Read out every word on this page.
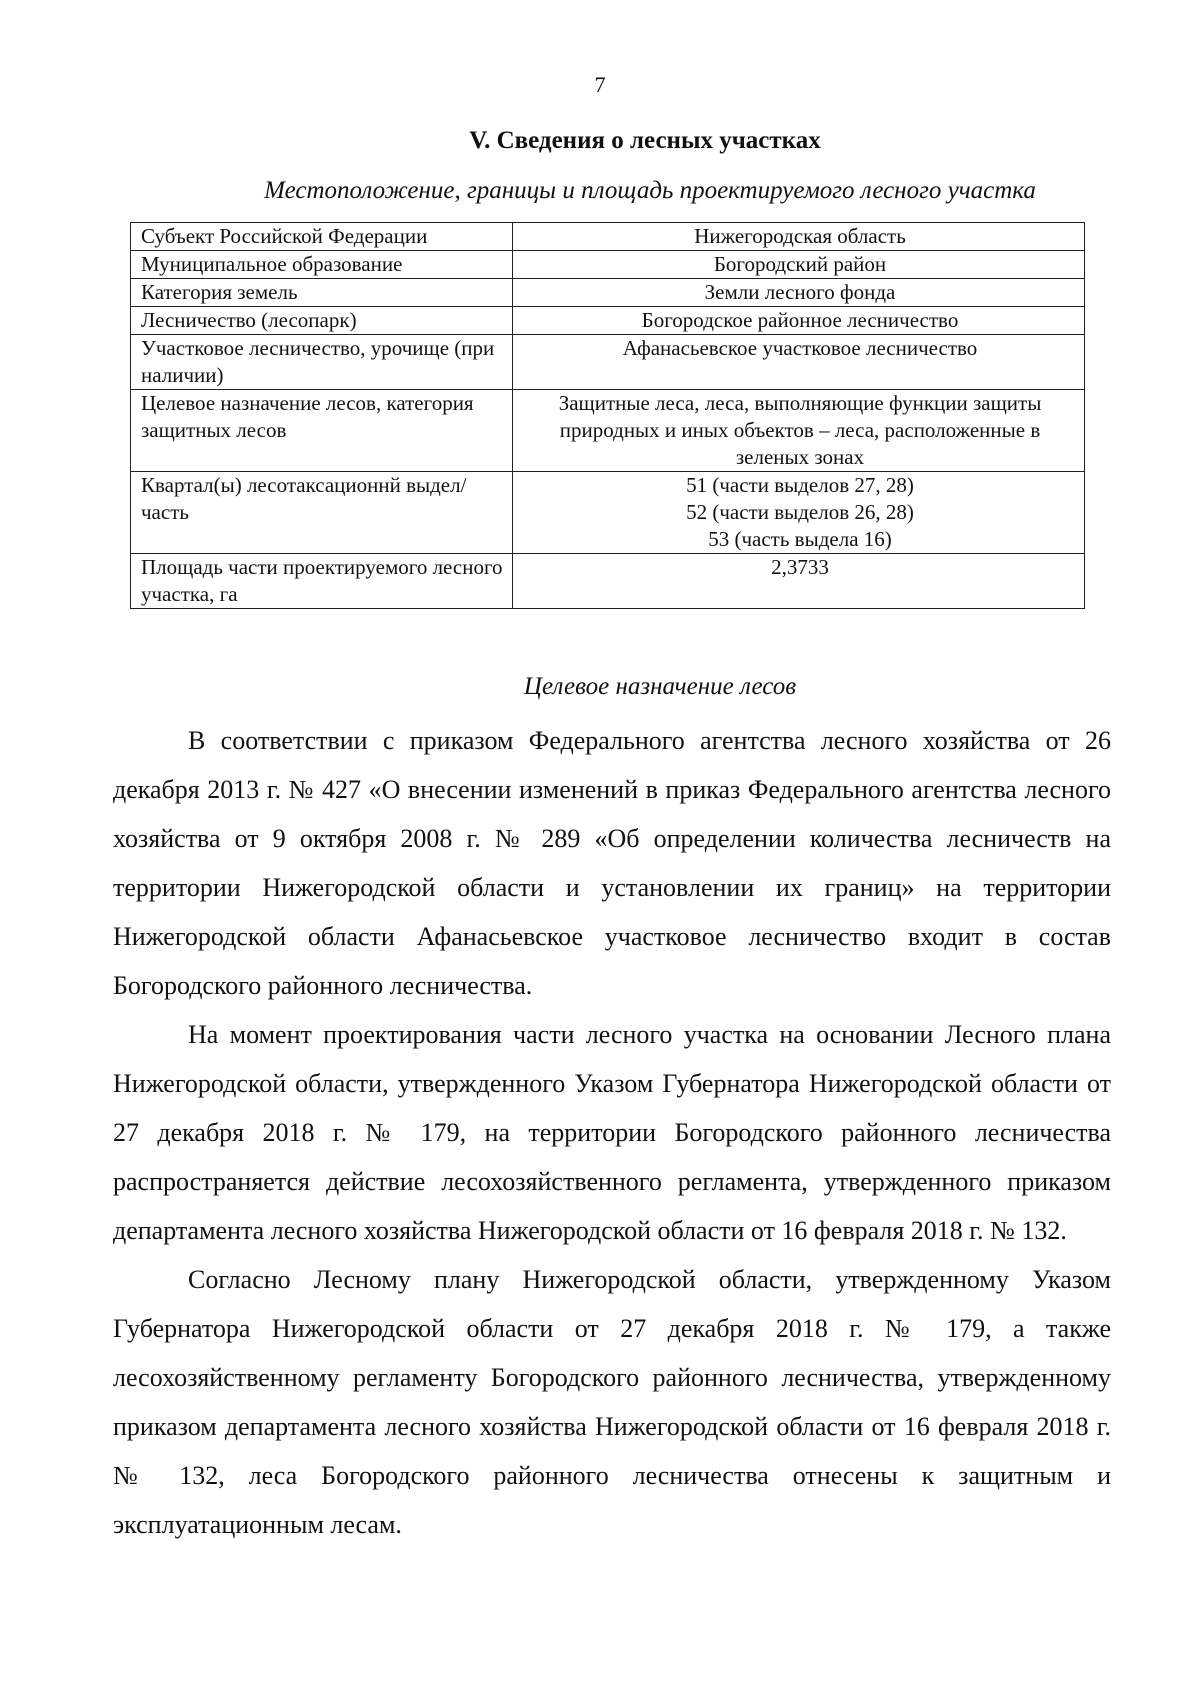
7
V. Сведения о лесных участках
Местоположение, границы и площадь проектируемого лесного участка
Субъект Российской Федерации	Нижегородская область

Муниципальное образование	Богородский район

Категория земель	Земли лесного фонда

Лесничество (лесопарк)	Богородское районное лесничество

Участковое лесничество, урочище (при наличии)	Афанасьевское участковое лесничество

Целевое назначение лесов, категория защитных лесов	Защитные леса, леса, выполняющие функции защиты природных и иных объектов – леса, расположенные в зеленых зонах

Квартал(ы) лесотаксационнй выдел/часть	51 (части выделов 27, 28)
52 (части выделов 26, 28)
53 (часть выдела 16)

Площадь части проектируемого лесного участка, га	2,3733
Целевое назначение лесов

В соответствии с приказом Федерального агентства лесного хозяйства от 26 декабря 2013 г. № 427 «О внесении изменений в приказ Федерального агентства лесного хозяйства от 9 октября 2008 г. № 289 «Об определении количества лесничеств на территории Нижегородской области и установлении их границ» на территории Нижегородской области Афанасьевское участковое лесничество входит в состав Богородского районного лесничества.

На момент проектирования части лесного участка на основании Лесного плана Нижегородской области, утвержденного Указом Губернатора Нижегородской области от 27 декабря 2018 г. № 179, на территории Богородского районного лесничества распространяется действие лесохозяйственного регламента, утвержденного приказом департамента лесного хозяйства Нижегородской области от 16 февраля 2018 г. № 132.

Согласно Лесному плану Нижегородской области, утвержденному Указом Губернатора Нижегородской области от 27 декабря 2018 г. № 179, а также лесохозяйственному регламенту Богородского районного лесничества, утвержденному приказом департамента лесного хозяйства Нижегородской области от 16 февраля 2018 г. № 132, леса Богородского районного лесничества отнесены к защитным и эксплуатационным лесам.
